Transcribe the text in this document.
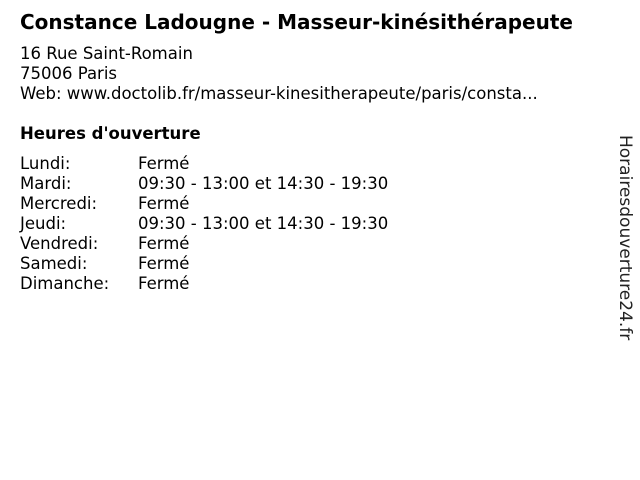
Constance Ladougne - Masseur-kinésithérapeute
16 Rue Saint-Romain
75006 Paris
Web: www.doctolib.fr/masseur-kinesitherapeute/paris/consta...
Heures d'ouverture
Lundi:	Fermé
Mardi:	09:30 - 13:00 et 14:30 - 19:30
Mercredi:	Fermé
Jeudi:	09:30 - 13:00 et 14:30 - 19:30
Vendredi:	Fermé
Samedi:	Fermé
Dimanche:	Fermé	Horairesdouverture24.fr
